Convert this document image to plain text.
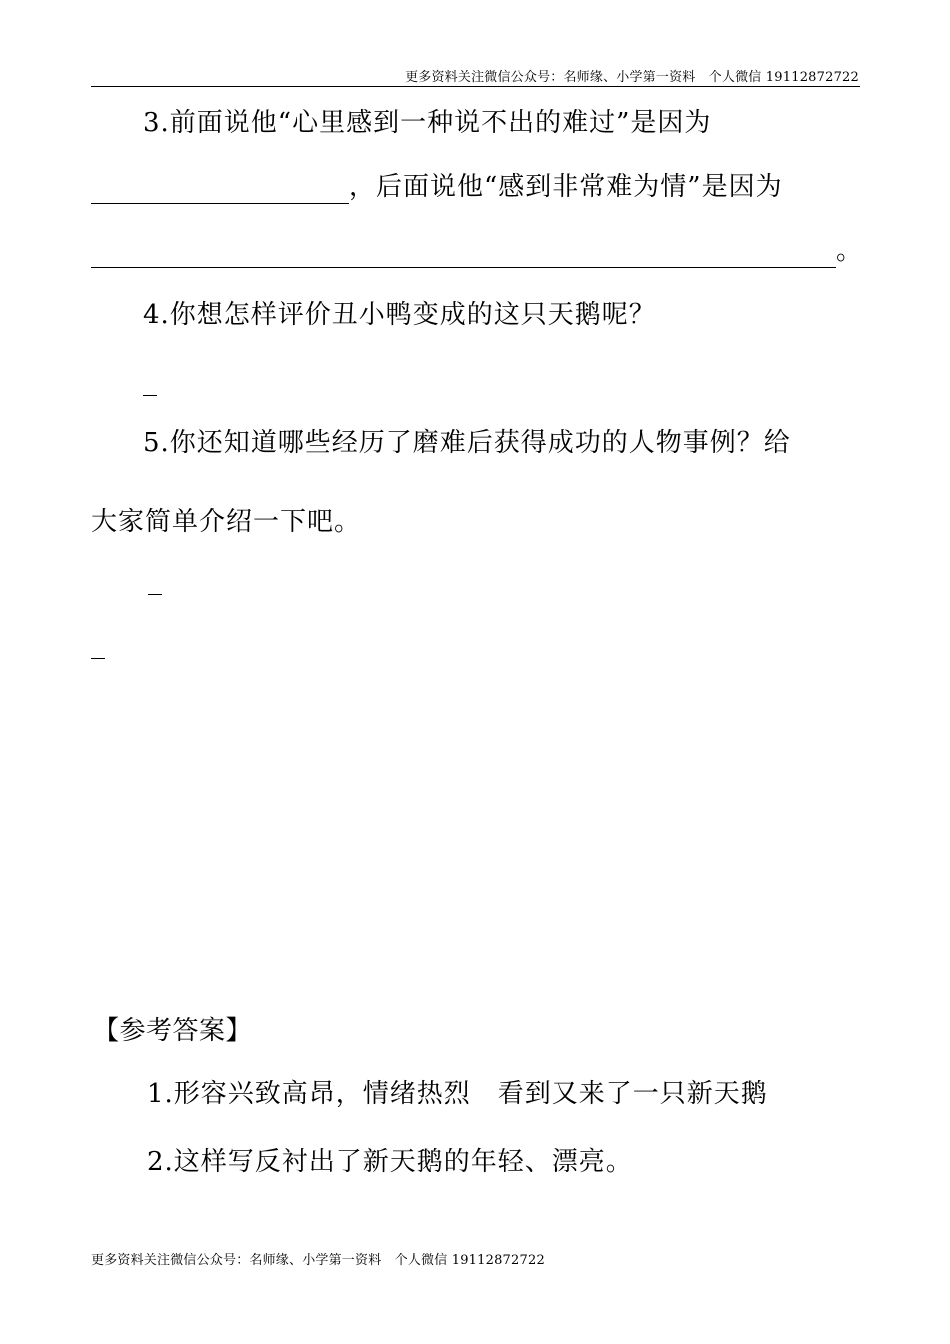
更多资料关注微信公众号：名师缘、小学第一资料　个人微信 19112872722
3.前面说他“心里感到一种说不出的难过”是因为
，后面说他“感到非常难为情”是因为
。
4.你想怎样评价丑小鸭变成的这只天鹅呢？
5.你还知道哪些经历了磨难后获得成功的人物事例？给
大家简单介绍一下吧。
【参考答案】
1.形容兴致高昂，情绪热烈　看到又来了一只新天鹅
2.这样写反衬出了新天鹅的年轻、漂亮。
更多资料关注微信公众号：名师缘、小学第一资料　个人微信 19112872722
